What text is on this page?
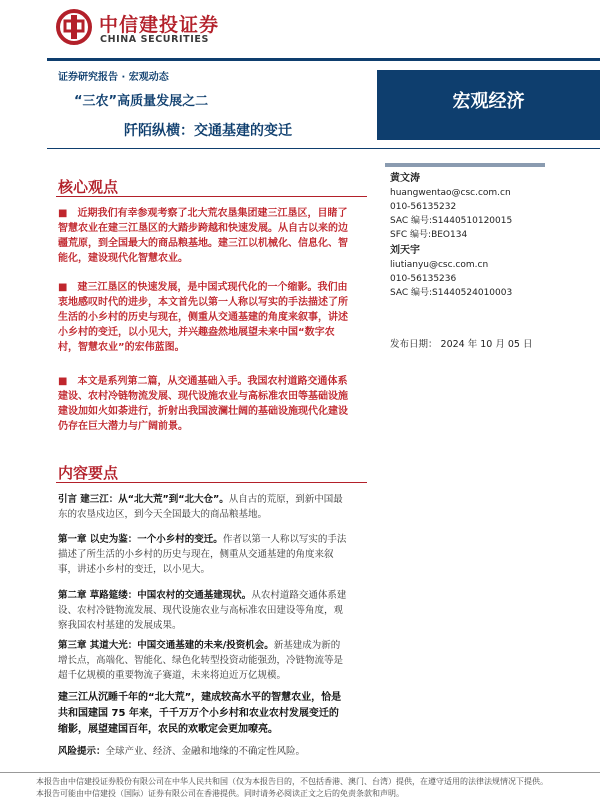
中信建投证券
CHINA SECURITIES
证券研究报告 · 宏观动态
“三农”高质量发展之二
阡陌纵横：交通基建的变迁
宏观经济
黄文涛
huangwentao@csc.com.cn
010-56135232
SAC 编号:S1440510120015
SFC 编号:BEO134
刘天宇
liutianyu@csc.com.cn
010-56135236
SAC 编号:S1440524010003
发布日期： 2024 年 10 月 05 日
核心观点
■ 近期我们有幸参观考察了北大荒农垦集团建三江垦区，目睹了智慧农业在建三江垦区的大踏步跨越和快速发展。从自古以来的边疆荒原，到全国最大的商品粮基地。建三江以机械化、信息化、智能化，建设现代化智慧农业。
■ 建三江垦区的快速发展，是中国式现代化的一个缩影。我们由衷地感叹时代的进步，本文首先以第一人称以写实的手法描述了所生活的小乡村的历史与现在，侧重从交通基建的角度来叙事，讲述小乡村的变迁，以小见大，并兴趣盎然地展望未来中国“数字农村，智慧农业”的宏伟蓝图。
■ 本文是系列第二篇，从交通基础入手。我国农村道路交通体系建设、农村冷链物流发展、现代设施农业与高标准农田等基础设施建设加如火如荼进行，折射出我国波澜壮阔的基础设施现代化建设仍存在巨大潜力与广阔前景。
内容要点
引言 建三江：从“北大荒”到“北大仓”。从自古的荒原，到新中国最东的农垦戍边区，到今天全国最大的商品粮基地。
第一章 以史为鉴：一个小乡村的变迁。作者以第一人称以写实的手法描述了所生活的小乡村的历史与现在，侧重从交通基建的角度来叙事，讲述小乡村的变迁，以小见大。
第二章 草路筵缕：中国农村的交通基建现状。从农村道路交通体系建设、农村冷链物流发展、现代设施农业与高标准农田建设等角度，观察我国农村基建的发展成果。
第三章 其道大光：中国交通基建的未来/投资机会。新基建成为新的增长点，高端化、智能化、绿色化转型投资动能强劲，冷链物流等是超千亿规模的重要物流子赛道，未来将迫近万亿规模。
建三江从沉睡千年的“北大荒”，建成较高水平的智慧农业，恰是共和国建国 75 年来，千千万万个小乡村和农业农村发展变迁的缩影，展望建国百年，农民的欢歌定会更加嘹亮。
风险提示：全球产业、经济、金融和地缘的不确定性风险。
本报告由中信建投证券股份有限公司在中华人民共和国（仅为本报告目的，不包括香港、澳门、台湾）提供，在遵守适用的法律法规情况下提供。
本报告可能由中信建投（国际）证券有限公司在香港提供。同时请务必阅读正文之后的免责条款和声明。
